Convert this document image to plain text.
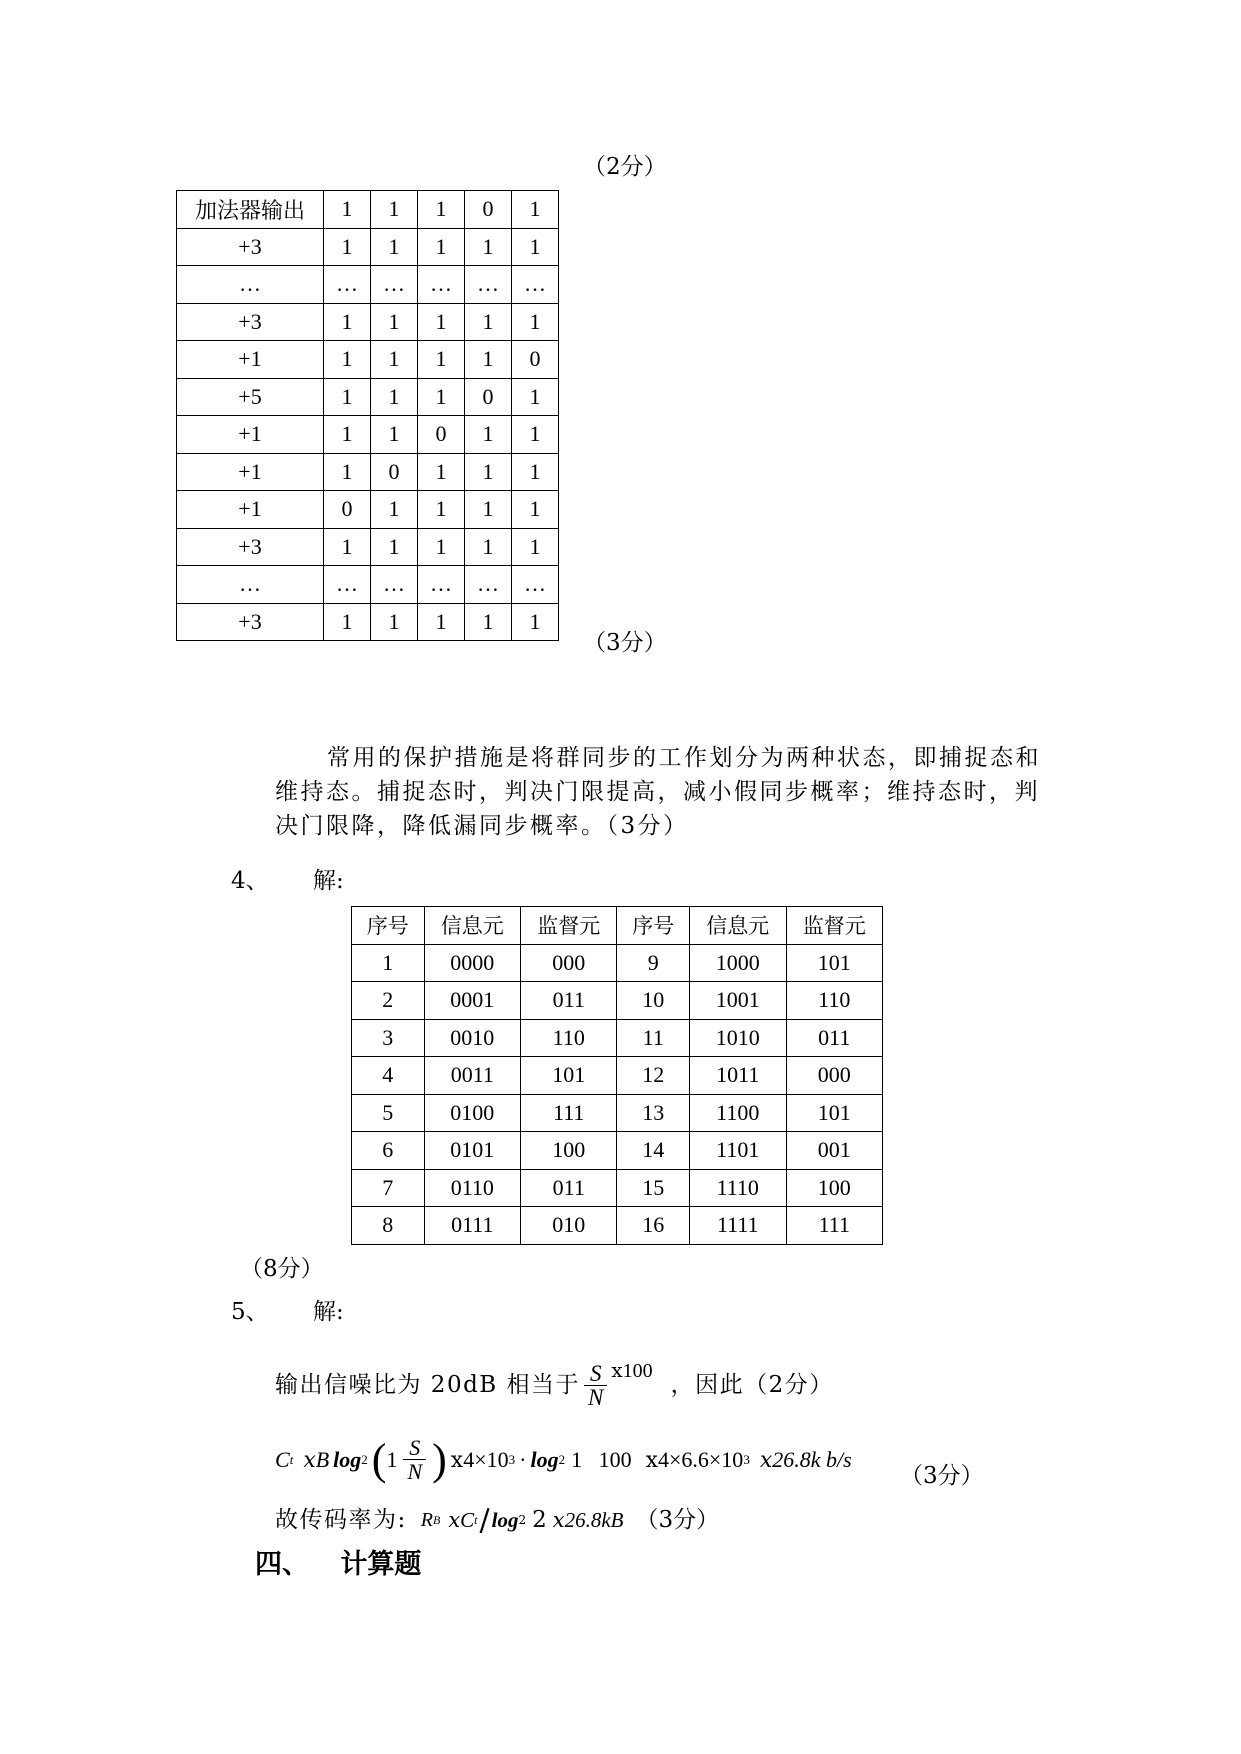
（2分）
加法器输出	1	1	1	0	1
+3	1	1	1	1	1
…	…	…	…	…	…
+3	1	1	1	1	1
+1	1	1	1	1	0
+5	1	1	1	0	1
+1	1	1	0	1	1
+1	1	0	1	1	1
+1	0	1	1	1	1
+3	1	1	1	1	1
…	…	…	…	…	…
+3	1	1	1	1	1
（3分）
常用的保护措施是将群同步的工作划分为两种状态，即捕捉态和维持态。捕捉态时，判决门限提高，减小假同步概率；维持态时，判决门限降，降低漏同步概率。（3分）
4、 解:
序号	信息元	监督元	序号	信息元	监督元
1	0000	000	9	1000	101
2	0001	011	10	1001	110
3	0010	110	11	1010	011
4	0011	101	12	1011	000
5	0100	111	13	1100	101
6	0101	100	14	1101	001
7	0110	011	15	1110	100
8	0111	010	16	1111	111
（8分）
5、 解:
输出信噪比为 20dB 相当于 $\frac{S}{N}$ ⅹ100
，因此（2分）
C t ⅹB log 2 ( $1 \frac{S}{N}$ ) ⅹ4×10 3 · log 2 1   100 ⅹ4×6.6×10 3 ⅹ26.8k b/s
（3分）
故传码率为: R B ⅹC t / log 2 2 ⅹ26.8kB （3分）
四、 计算题
